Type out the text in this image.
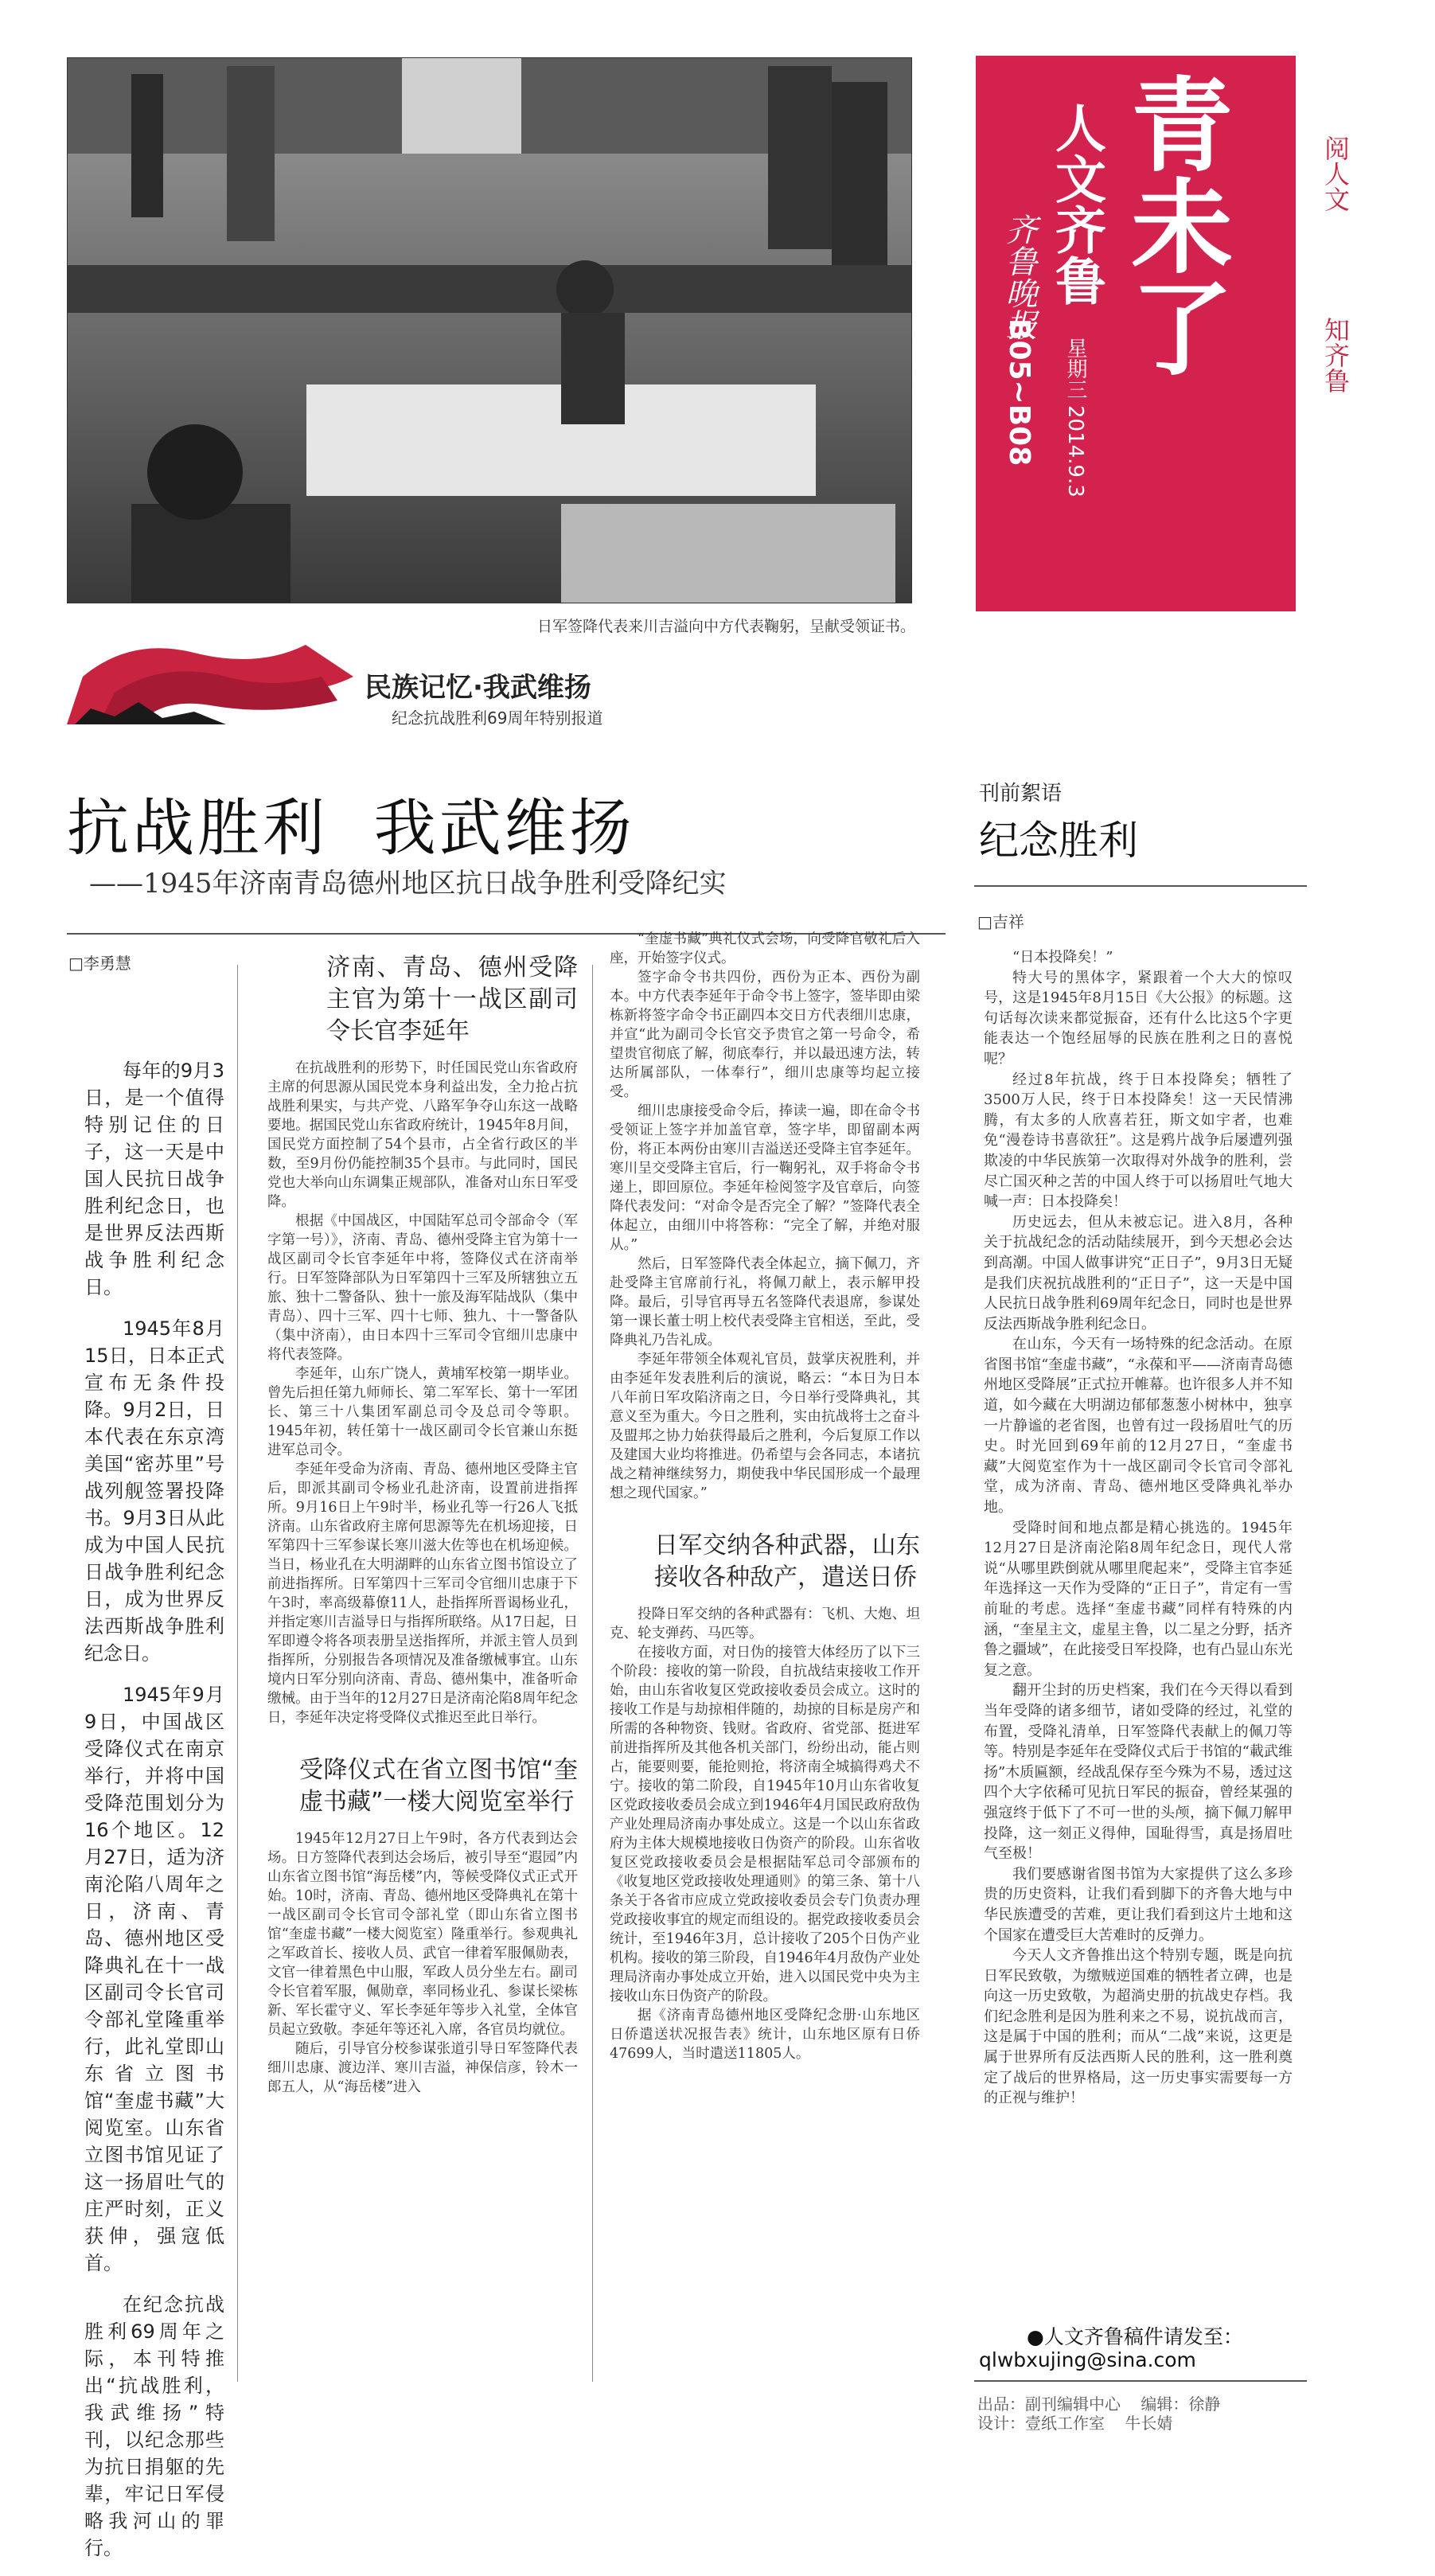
日军签降代表来川吉溢向中方代表鞠躬，呈献受领证书。
青未了
人文齐鲁
齐鲁晚报
B05~B08 星期三 2014.9.3
阅人文
知齐鲁
民族记忆·我武维扬
纪念抗战胜利69周年特别报道
抗战胜利  我武维扬
——1945年济南青岛德州地区抗日战争胜利受降纪实
□李勇慧
刊前絮语
纪念胜利
□吉祥

每年的9月3日，是一个值得特别记住的日子，这一天是中国人民抗日战争胜利纪念日，也是世界反法西斯战争胜利纪念日。

1945年8月15日，日本正式宣布无条件投降。9月2日，日本代表在东京湾美国“密苏里”号战列舰签署投降书。9月3日从此成为中国人民抗日战争胜利纪念日，成为世界反法西斯战争胜利纪念日。

1945年9月9日，中国战区受降仪式在南京举行，并将中国受降范围划分为16个地区。12月27日，适为济南沦陷八周年之日，济南、青岛、德州地区受降典礼在十一战区副司令长官司令部礼堂隆重举行，此礼堂即山东省立图书馆“奎虚书藏”大阅览室。山东省立图书馆见证了这一扬眉吐气的庄严时刻，正义获伸，强寇低首。

在纪念抗战胜利69周年之际，本刊特推出“抗战胜利，我武维扬”特刊，以纪念那些为抗日捐躯的先辈，牢记日军侵略我河山的罪行。

济南、青岛、德州受降主官为第十一战区副司令长官李延年

在抗战胜利的形势下，时任国民党山东省政府主席的何思源从国民党本身利益出发，全力抢占抗战胜利果实，与共产党、八路军争夺山东这一战略要地。据国民党山东省政府统计，1945年8月间，国民党方面控制了54个县市，占全省行政区的半数，至9月份仍能控制35个县市。与此同时，国民党也大举向山东调集正规部队，准备对山东日军受降。

根据《中国战区，中国陆军总司令部命令（军字第一号）》，济南、青岛、德州受降主官为第十一战区副司令长官李延年中将，签降仪式在济南举行。日军签降部队为日军第四十三军及所辖独立五旅、独十二警备队、独十一旅及海军陆战队（集中青岛）、四十三军、四十七师、独九、十一警备队（集中济南），由日本四十三军司令官细川忠康中将代表签降。

李延年，山东广饶人，黄埔军校第一期毕业。曾先后担任第九师师长、第二军军长、第十一军团长、第三十八集团军副总司令及总司令等职。1945年初，转任第十一战区副司令长官兼山东挺进军总司令。

李延年受命为济南、青岛、德州地区受降主官后，即派其副司令杨业孔赴济南，设置前进指挥所。9月16日上午9时半，杨业孔等一行26人飞抵济南。山东省政府主席何思源等先在机场迎接，日军第四十三军参谋长寒川滋大佐等也在机场迎候。当日，杨业孔在大明湖畔的山东省立图书馆设立了前进指挥所。日军第四十三军司令官细川忠康于下午3时，率高级幕僚11人，赴指挥所晋谒杨业孔，并指定寒川吉溢导日与指挥所联络。从17日起，日军即遵令将各项表册呈送指挥所，并派主管人员到指挥所，分别报告各项情况及准备缴械事宜。山东境内日军分别向济南、青岛、德州集中，准备听命缴械。由于当年的12月27日是济南沦陷8周年纪念日，李延年决定将受降仪式推迟至此日举行。

受降仪式在省立图书馆“奎虚书藏”一楼大阅览室举行

1945年12月27日上午9时，各方代表到达会场。日方签降代表到达会场后，被引导至“遐园”内山东省立图书馆“海岳楼”内，等候受降仪式正式开始。10时，济南、青岛、德州地区受降典礼在第十一战区副司令长官司令部礼堂（即山东省立图书馆“奎虚书藏”一楼大阅览室）隆重举行。参观典礼之军政首长、接收人员、武官一律着军服佩勋表，文官一律着黑色中山服，军政人员分坐左右。副司令长官着军服，佩勋章，率同杨业孔、参谋长梁栋新、军长霍守义、军长李延年等步入礼堂，全体官员起立致敬。李延年等还礼入席，各官员均就位。

随后，引导官分校参谋张道引导日军签降代表细川忠康、渡边洋、寒川吉溢，神保信彦，铃木一郎五人，从“海岳楼”进入

“奎虚书藏”典礼仪式会场，向受降官敬礼后入座，开始签字仪式。

签字命令书共四份，西份为正本、西份为副本。中方代表李延年于命令书上签字，签毕即由梁栋新将签字命令书正副四本交日方代表细川忠康，并宣“此为副司令长官交予贵官之第一号命令，希望贵官彻底了解，彻底奉行，并以最迅速方法，转达所属部队，一体奉行”，细川忠康等均起立接受。

细川忠康接受命令后，捧读一遍，即在命令书受领证上签字并加盖官章，签字毕，即留副本两份，将正本两份由寒川吉溢送还受降主官李延年。寒川呈交受降主官后，行一鞠躬礼，双手将命令书递上，即回原位。李延年检阅签字及官章后，向签降代表发问：“对命令是否完全了解？”签降代表全体起立，由细川中将答称：“完全了解，并绝对服从。”

然后，日军签降代表全体起立，摘下佩刀，齐赴受降主官席前行礼，将佩刀献上，表示解甲投降。最后，引导官再导五名签降代表退席，参谋处第一课长董士明上校代表受降主官相送，至此，受降典礼乃告礼成。

李延年带领全体观礼官员，鼓掌庆祝胜利，并由李延年发表胜利后的演说，略云：“本日为日本八年前日军攻陷济南之日，今日举行受降典礼，其意义至为重大。今日之胜利，实由抗战将士之奋斗及盟邦之协力始获得最后之胜利，今后复原工作以及建国大业均将推进。仍希望与会各同志，本诸抗战之精神继续努力，期使我中华民国形成一个最理想之现代国家。”

日军交纳各种武器，山东接收各种敌产，遣送日侨

投降日军交纳的各种武器有：飞机、大炮、坦克、轮支弹药、马匹等。

在接收方面，对日伪的接管大体经历了以下三个阶段：接收的第一阶段，自抗战结束接收工作开始，由山东省收复区党政接收委员会成立。这时的接收工作是与劫掠相伴随的，劫掠的目标是房产和所需的各种物资、钱财。省政府、省党部、挺进军前进指挥所及其他各机关部门，纷纷出动，能占则占，能要则要，能抢则抢，将济南全城搞得鸡犬不宁。接收的第二阶段，自1945年10月山东省收复区党政接收委员会成立到1946年4月国民政府敌伪产业处理局济南办事处成立。这是一个以山东省政府为主体大规模地接收日伪资产的阶段。山东省收复区党政接收委员会是根据陆军总司令部颁布的《收复地区党政接收处理通则》的第三条、第十八条关于各省市应成立党政接收委员会专门负责办理党政接收事宜的规定而组设的。据党政接收委员会统计，至1946年3月，总计接收了205个日伪产业机构。接收的第三阶段，自1946年4月敌伪产业处理局济南办事处成立开始，进入以国民党中央为主接收山东日伪资产的阶段。

据《济南青岛德州地区受降纪念册·山东地区日侨遣送状况报告表》统计，山东地区原有日侨47699人，当时遣送11805人。

“日本投降矣！”

特大号的黑体字，紧跟着一个大大的惊叹号，这是1945年8月15日《大公报》的标题。这句话每次读来都觉振奋，还有什么比这5个字更能表达一个饱经屈辱的民族在胜利之日的喜悦呢？

经过8年抗战，终于日本投降矣；牺牲了3500万人民，终于日本投降矣！这一天民情沸腾，有太多的人欣喜若狂，斯文如宇者，也难免“漫卷诗书喜欲狂”。这是鸦片战争后屡遭列强欺凌的中华民族第一次取得对外战争的胜利，尝尽亡国灭种之苦的中国人终于可以扬眉吐气地大喊一声：日本投降矣！

历史远去，但从未被忘记。进入8月，各种关于抗战纪念的活动陆续展开，到今天想必会达到高潮。中国人做事讲究“正日子”，9月3日无疑是我们庆祝抗战胜利的“正日子”，这一天是中国人民抗日战争胜利69周年纪念日，同时也是世界反法西斯战争胜利纪念日。

在山东，今天有一场特殊的纪念活动。在原省图书馆“奎虚书藏”，“永葆和平——济南青岛德州地区受降展”正式拉开帷幕。也许很多人并不知道，如今藏在大明湖边郁郁葱葱小树林中，独享一片静谧的老省图，也曾有过一段扬眉吐气的历史。时光回到69年前的12月27日，“奎虚书藏”大阅览室作为十一战区副司令长官司令部礼堂，成为济南、青岛、德州地区受降典礼举办地。

受降时间和地点都是精心挑选的。1945年12月27日是济南沦陷8周年纪念日，现代人常说“从哪里跌倒就从哪里爬起来”，受降主官李延年选择这一天作为受降的“正日子”，肯定有一雪前耻的考虑。选择“奎虚书藏”同样有特殊的内涵，“奎星主文，虚星主鲁，以二星之分野，括齐鲁之疆域”，在此接受日军投降，也有凸显山东光复之意。

翻开尘封的历史档案，我们在今天得以看到当年受降的诸多细节，诸如受降的经过，礼堂的布置，受降礼清单，日军签降代表献上的佩刀等等。特别是李延年在受降仪式后于书馆的“載武维扬”木质匾额，经战乱保存至今殊为不易，透过这四个大字依稀可见抗日军民的振奋，曾经某强的强寇终于低下了不可一世的头颅，摘下佩刀解甲投降，这一刻正义得伸，国耻得雪，真是扬眉吐气至极！

我们要感谢省图书馆为大家提供了这么多珍贵的历史资料，让我们看到脚下的齐鲁大地与中华民族遭受的苦难，更让我们看到这片土地和这个国家在遭受巨大苦难时的反弹力。

今天人文齐鲁推出这个特别专题，既是向抗日军民致敬，为缴贼逆国难的牺牲者立碑，也是向这一历史致敬，为超淌史册的抗战史存档。我们纪念胜利是因为胜利来之不易，说抗战而言，这是属于中国的胜利；而从“二战”来说，这更是属于世界所有反法西斯人民的胜利，这一胜利奠定了战后的世界格局，这一历史事实需要每一方的正视与维护！

●人文齐鲁稿件请发至：
qlwbxujing@sina.com
出品：副刊编辑中心    编辑：徐静
设计：壹纸工作室    牛长婧
